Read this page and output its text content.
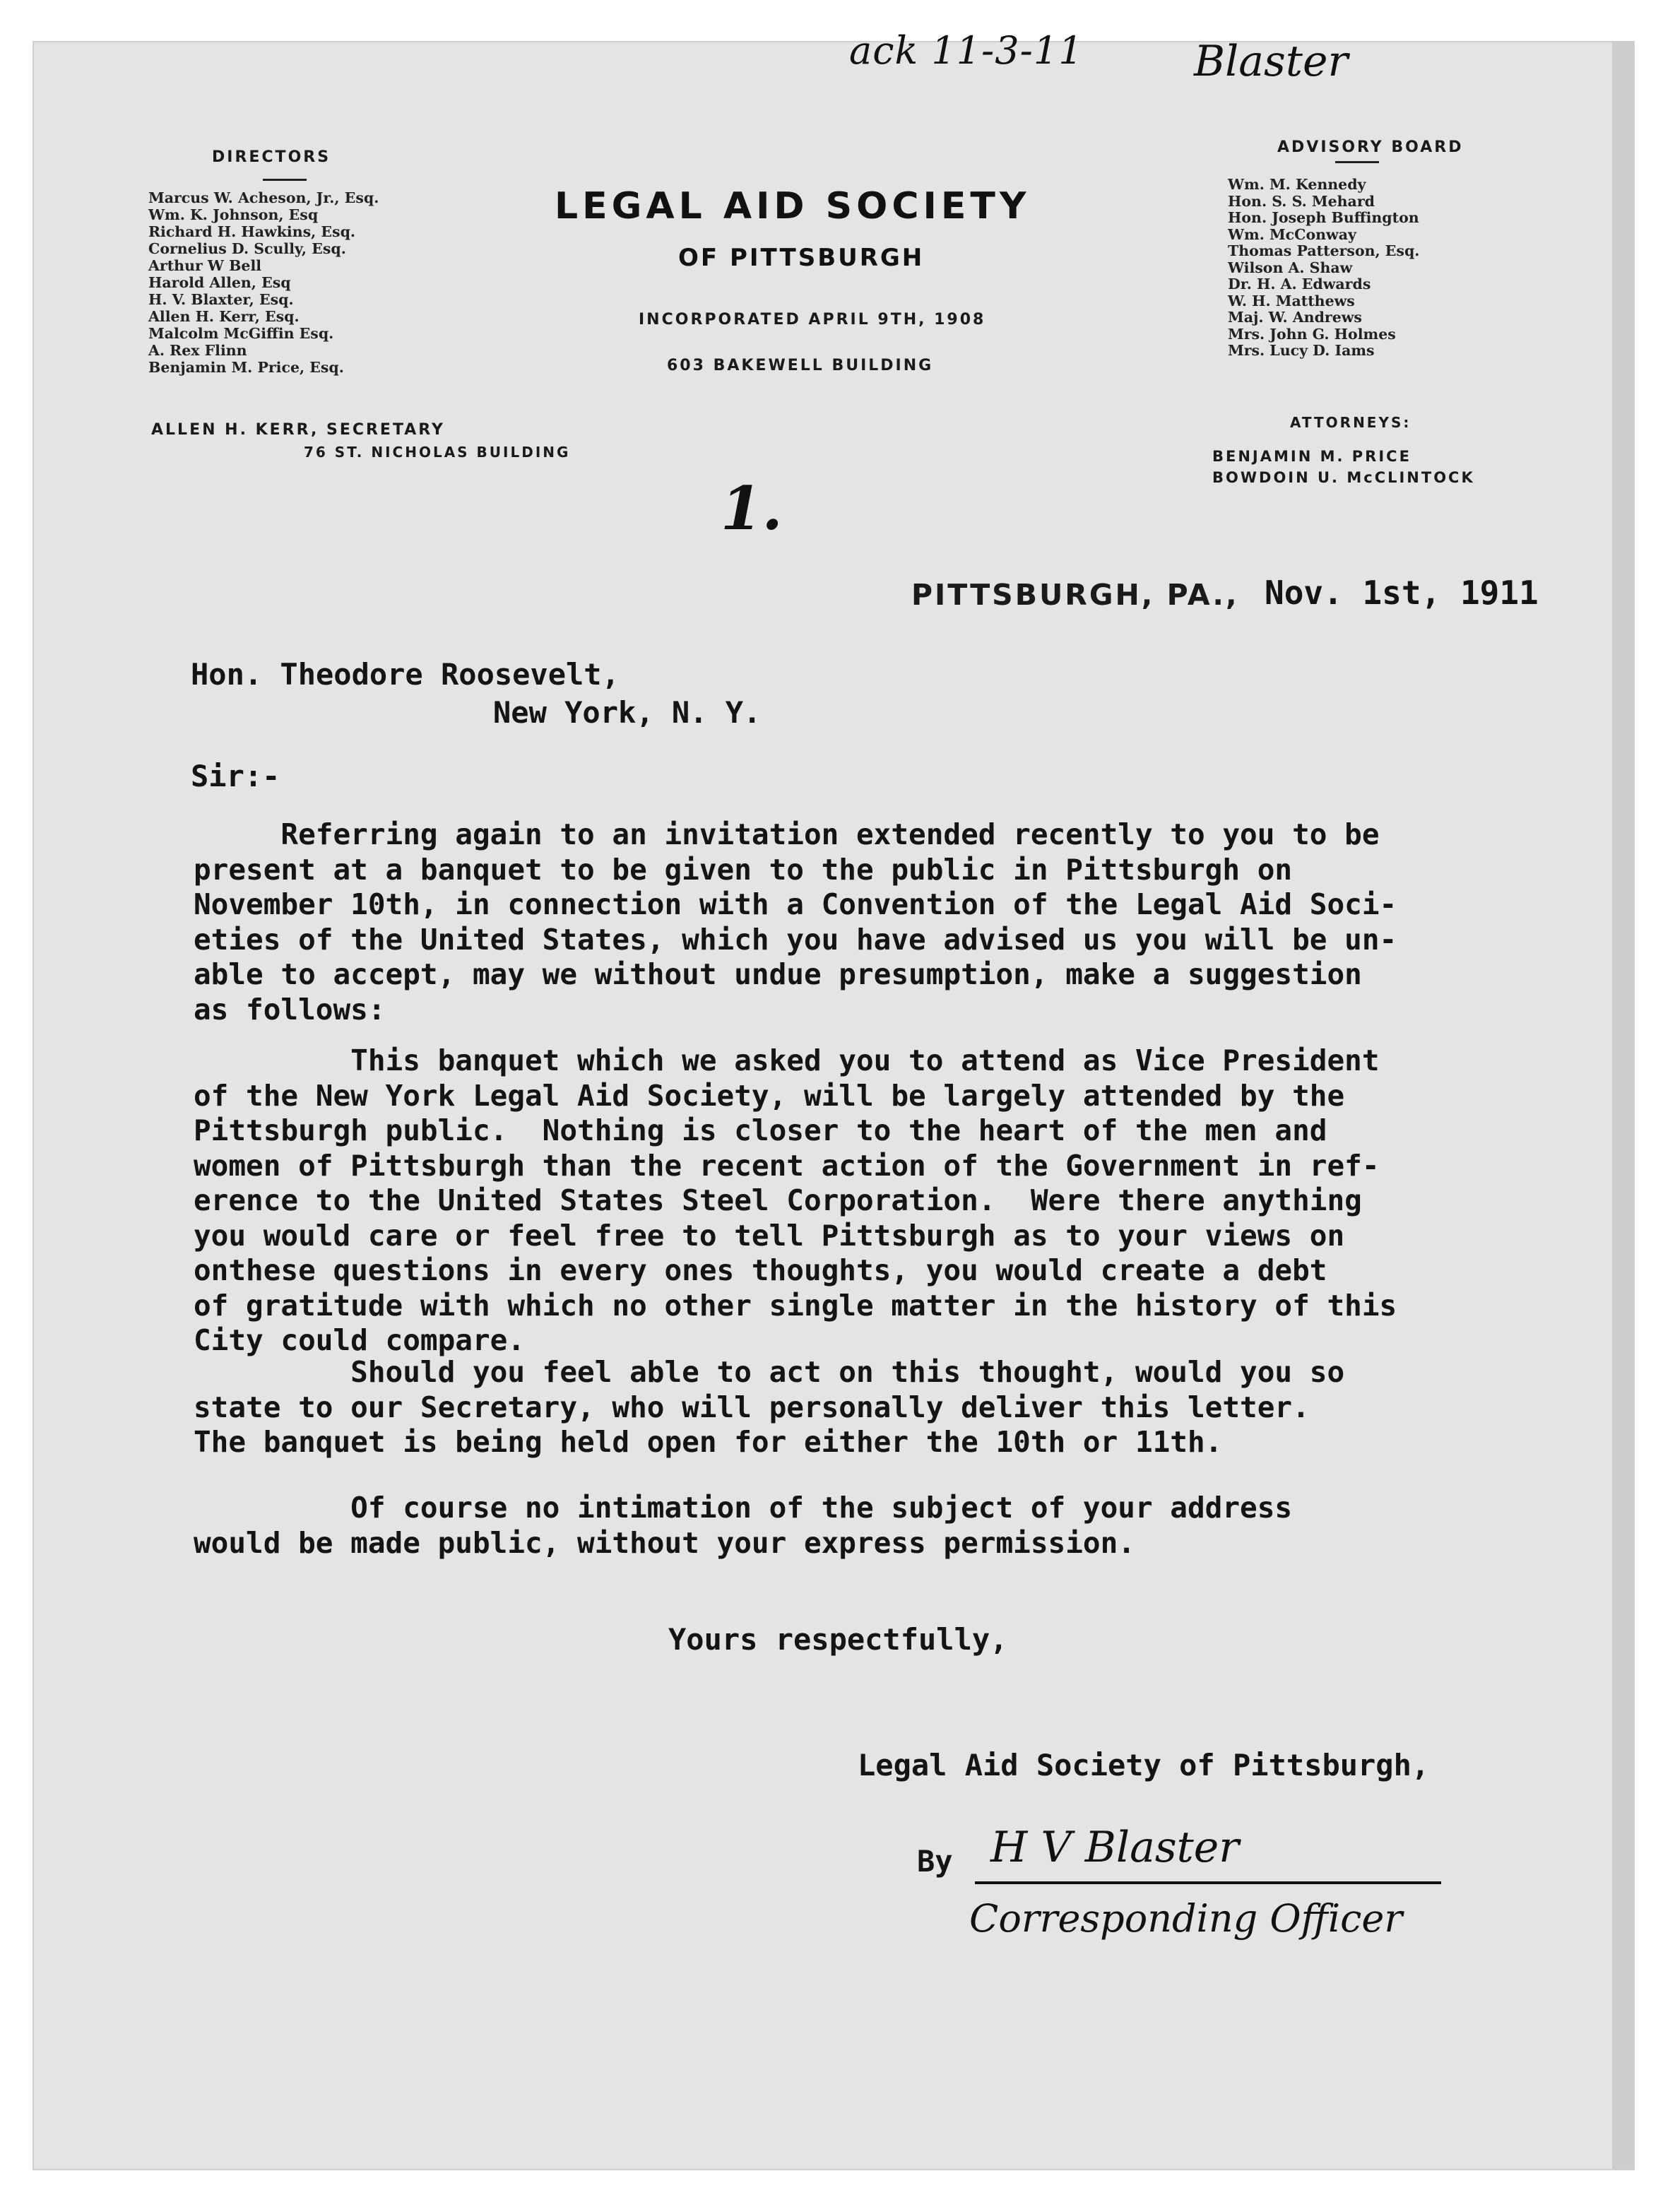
ack 11-3-11	Blaster
1.
DIRECTORS
Marcus W. Acheson, Jr., Esq.
Wm. K. Johnson, Esq
Richard H. Hawkins, Esq.
Cornelius D. Scully, Esq.
Arthur W Bell
Harold Allen, Esq
H. V. Blaxter, Esq.
Allen H. Kerr, Esq.
Malcolm McGiffin Esq.
A. Rex Flinn
Benjamin M. Price, Esq.
LEGAL AID SOCIETY
OF PITTSBURGH
INCORPORATED APRIL 9TH, 1908
603 BAKEWELL BUILDING
ALLEN H. KERR, SECRETARY
76 ST. NICHOLAS BUILDING
ADVISORY BOARD
Wm. M. Kennedy
Hon. S. S. Mehard
Hon. Joseph Buffington
Wm. McConway
Thomas Patterson, Esq.
Wilson A. Shaw
Dr. H. A. Edwards
W. H. Matthews
Maj. W. Andrews
Mrs. John G. Holmes
Mrs. Lucy D. Iams
ATTORNEYS:
BENJAMIN M. PRICE
BOWDOIN U. McCLINTOCK
PITTSBURGH, PA., Nov. 1st, 1911
Hon. Theodore Roosevelt,
New York, N. Y.
Sir:-
Referring again to an invitation extended recently to you to be
present at a banquet to be given to the public in Pittsburgh on
November 10th, in connection with a Convention of the Legal Aid Soci-
eties of the United States, which you have advised us you will be un-
able to accept, may we without undue presumption, make a suggestion
as follows:
This banquet which we asked you to attend as Vice President
of the New York Legal Aid Society, will be largely attended by the
Pittsburgh public.  Nothing is closer to the heart of the men and
women of Pittsburgh than the recent action of the Government in ref-
erence to the United States Steel Corporation.  Were there anything
you would care or feel free to tell Pittsburgh as to your views on
onthese questions in every ones thoughts, you would create a debt
of gratitude with which no other single matter in the history of this
City could compare.
Should you feel able to act on this thought, would you so
state to our Secretary, who will personally deliver this letter.
The banquet is being held open for either the 10th or 11th.
Of course no intimation of the subject of your address
would be made public, without your express permission.
Yours respectfully,
Legal Aid Society of Pittsburgh,
By H V Blaster
Corresponding Officer
